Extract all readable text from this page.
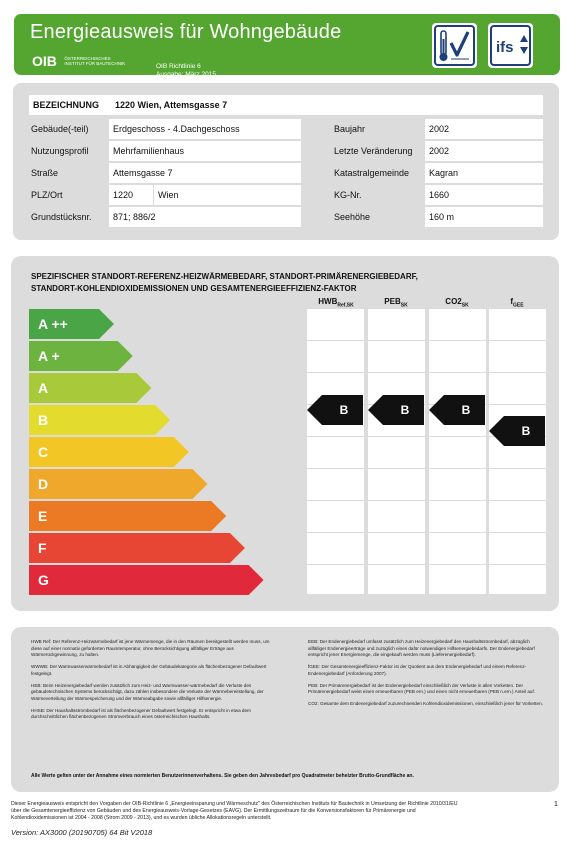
Energieausweis für Wohngebäude
OIB ÖSTERREICHISCHES
INSTITUT FÜR BAUTECHNIK	OIB Richtlinie 6
Ausgabe: März 2015
ifs
BEZEICHNUNG	1220 Wien, Attemsgasse 7
Gebäude(-teil)	Erdgeschoss - 4.Dachgeschoss	Baujahr	2002
Nutzungsprofil	Mehrfamilienhaus	Letzte Veränderung	2002
Straße	Attemsgasse 7	Katastralgemeinde	Kagran
PLZ/Ort	1220	Wien	KG-Nr.	1660
Grundstücksnr.	871; 886/2	Seehöhe	160 m
SPEZIFISCHER STANDORT-REFERENZ-HEIZWÄRMEBEDARF, STANDORT-PRIMÄRENERGIEBEDARF,
STANDORT-KOHLENDIOXIDEMISSIONEN UND GESAMTENERGIEEFFIZIENZ-FAKTOR
$HWB_{Ref,SK}$	$PEB_{SK}$	$CO2_{SK}$	$f_{GEE}$
A ++
A +
A
B
C
D
E
F
G
B	B	B
B

HWB Ref: Der Referenz-Heizwärmebedarf ist jene Wärmemenge, die in den Räumen bereitgestellt werden muss, um diese auf einer normativ geforderten Raumtemperatur, ohne Berücksichtigung allfälliger Erträge aus Wärmerückgewinnung, zu halten.

WWWB: Der Warmwasserwärmebedarf ist in Abhängigkeit der Gebäudekategorie als flächenbezogener Defaultwert festgelegt.

HEB: Beim Heizenergiebedarf werden zusätzlich zum Heiz- und Warmwasser-wärmebedarf die Verluste des gebäudetechnischen Systems berücksichtigt, dazu zählen insbesondere die Verluste der Wärmebereitstellung, der Wärmeverteilung der Wärmespeicherung und der Wärmeabgabe sowie allfälliger Hilfsenergie.

HHSB: Der Haushaltsstrombedarf ist als flächenbezogener Defaultwert festgelegt. Er entspricht in etwa dem durchschnittlichen flächenbezogenen Stromverbrauch eines österreichischen Haushalts.

EEB: Der Endenergiebedarf umfasst zusätzlich zum Heizenergiebedarf den Haushaltsstrombedarf, abzüglich allfälliger Endenergieerträge und zuzüglich eines dafür notwendigen Hilfsenergiebedarfs. Der Endenergiebedarf entspricht jener Energiemenge, die eingekauft werden muss (Lieferenergiebedarf).

fGEE: Der Gesamtenergieeffizienz-Faktor ist der Quotient aus dem Endenergiebedarf und einem Referenz-Endenergiebedarf (Anforderung 2007).

PEB: Der Primärenergiebedarf ist der Endenergiebedarf einschließlich der Verluste in allen Vorketten. Der Primärenergiebedarf weist einen erneuerbaren (PEB ern.) und einen nicht erneuerbaren (PEB n.ern.) Anteil auf.

CO2: Gesamte dem Endenergiebedarf zuzurechnenden Kohlendioxidemissionen, einschließlich jener für Vorketten.

Alle Werte gelten unter der Annahme eines normierten Benutzerinnenverhaltens. Sie geben den Jahresbedarf pro Quadratmeter beheizter Brutto-Grundfläche an.
Dieser Energieausweis entspricht den Vorgaben der OIB-Richtlinie 6 „Energieeinsparung und Wärmeschutz" des Österreichischen Instituts für Bautechnik in Umsetzung der Richtlinie 2010/31/EU
über die Gesamtenergieeffizienz von Gebäuden und des Energieausweis-Vorlage-Gesetzes (EAVG). Der Ermittlungszeitraum für die Konversionsfaktoren für Primärenergie und
Kohlendioxidemissionen ist 2004 - 2008 (Strom 2009 - 2013), und es wurden übliche Allokationsregeln unterstellt.
1
Version: AX3000 (20190705) 64 Bit V2018
